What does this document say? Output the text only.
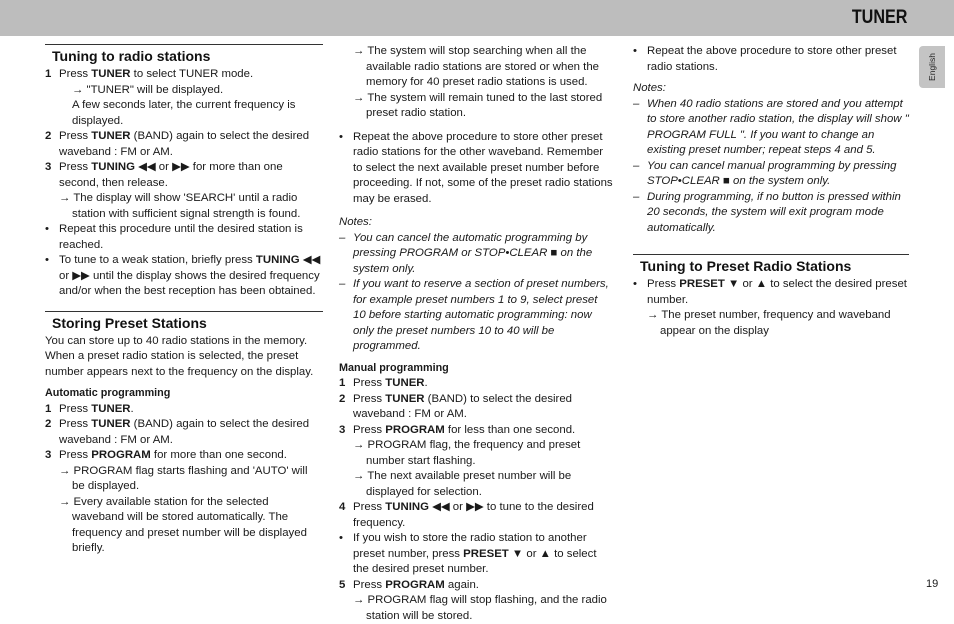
TUNER
English
19
Tuning to radio stations
1 Press TUNER to select TUNER mode.
→ "TUNER" will be displayed.
A few seconds later, the current frequency is displayed.
2 Press TUNER (BAND) again to select the desired waveband : FM or AM.
3 Press TUNING ◀◀ or ▶▶ for more than one second, then release.
→ The display will show 'SEARCH' until a radio station with sufficient signal strength is found.
• Repeat this procedure until the desired station is reached.
• To tune to a weak station, briefly press TUNING ◀◀ or ▶▶ until the display shows the desired frequency and/or when the best reception has been obtained.
Storing Preset Stations
You can store up to 40 radio stations in the memory. When a preset radio station is selected, the preset number appears next to the frequency on the display.
Automatic programming
1 Press TUNER.
2 Press TUNER (BAND) again to select the desired waveband : FM or AM.
3 Press PROGRAM for more than one second.
→ PROGRAM flag starts flashing and 'AUTO' will be displayed.
→ Every available station for the selected waveband will be stored automatically. The frequency and preset number will be displayed briefly.
→ The system will stop searching when all the available radio stations are stored or when the memory for 40 preset radio stations is used.
→ The system will remain tuned to the last stored preset radio station.
• Repeat the above procedure to store other preset radio stations for the other waveband. Remember to select the next available preset number before proceeding. If not, some of the preset radio stations may be erased.
Notes:
– You can cancel the automatic programming by pressing PROGRAM or STOP•CLEAR ■ on the system only.
– If you want to reserve a section of preset numbers, for example preset numbers 1 to 9, select preset 10 before starting automatic programming: now only the preset numbers 10 to 40 will be programmed.
Manual programming
1 Press TUNER.
2 Press TUNER (BAND) to select the desired waveband : FM or AM.
3 Press PROGRAM for less than one second.
→ PROGRAM flag, the frequency and preset number start flashing.
→ The next available preset number will be displayed for selection.
4 Press TUNING ◀◀ or ▶▶ to tune to the desired frequency.
• If you wish to store the radio station to another preset number, press PRESET ▼ or ▲ to select the desired preset number.
5 Press PROGRAM again.
→ PROGRAM flag will stop flashing, and the radio station will be stored.
• Repeat the above procedure to store other preset radio stations.
Notes:
– When 40 radio stations are stored and you attempt to store another radio station, the display will show " PROGRAM FULL ". If you want to change an existing preset number; repeat steps 4 and 5.
– You can cancel manual programming by pressing STOP•CLEAR ■ on the system only.
– During programming, if no button is pressed within 20 seconds, the system will exit program mode automatically.
Tuning to Preset Radio Stations
• Press PRESET ▼ or ▲ to select the desired preset number.
→ The preset number, frequency and waveband appear on the display
